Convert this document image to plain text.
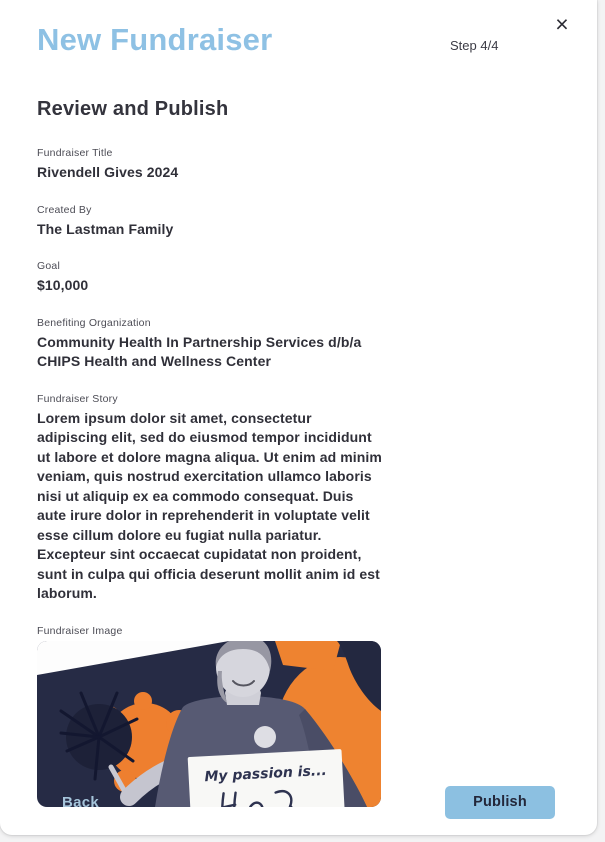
New Fundraiser	Step 4/4
×
Review and Publish
Fundraiser Title
Rivendell Gives 2024
Created By
The Lastman Family
Goal
$10,000
Benefiting Organization
Community Health In Partnership Services d/b/a CHIPS Health and Wellness Center
Fundraiser Story
Lorem ipsum dolor sit amet, consectetur adipiscing elit, sed do eiusmod tempor incididunt ut labore et dolore magna aliqua. Ut enim ad minim veniam, quis nostrud exercitation ullamco laboris nisi ut aliquip ex ea commodo consequat. Duis aute irure dolor in reprehenderit in voluptate velit esse cillum dolore eu fugiat nulla pariatur. Excepteur sint occaecat cupidatat non proident, sunt in culpa qui officia deserunt mollit anim id est laborum.
Fundraiser Image
My passion is...
Back	Publish
